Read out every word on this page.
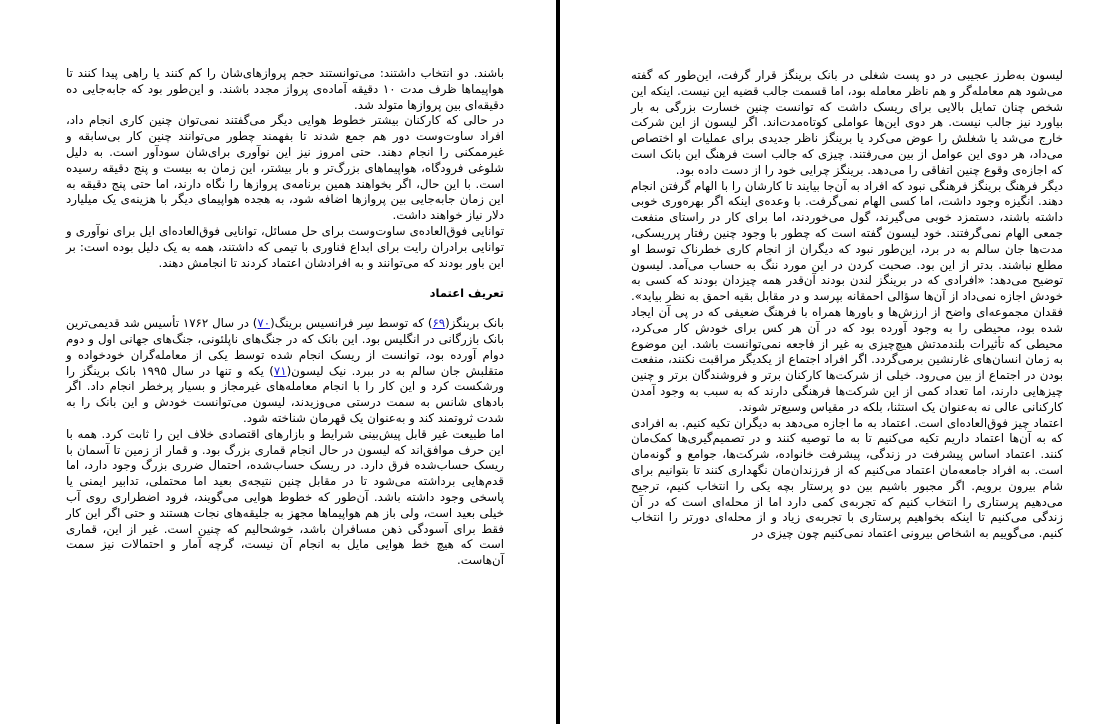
باشند. دو انتخاب داشتند: می‌توانستند حجم پروازهای‌شان را کم کنند یا راهی پیدا کنند تا هواپیماها ظرف مدت ۱۰ دقیقه آماده‌ی پرواز مجدد باشند. و این‌طور بود که جابه‌جایی ده دقیقه‌ای بین پروازها متولد شد.

در حالی که کارکنان بیشتر خطوط هوایی دیگر می‌گفتند نمی‌توان چنین کاری انجام داد، افراد ساوت‌وست دور هم جمع شدند تا بفهمند چطور می‌توانند چنین کار بی‌سابقه و غیرممکنی را انجام دهند. حتی امروز نیز این نوآوری برای‌شان سودآور است. به دلیل شلوغی فرودگاه، هواپیماهای بزرگ‌تر و بار بیشتر، این زمان به بیست و پنج دقیقه رسیده است. با این حال، اگر بخواهند همین برنامه‌ی پروازها را نگاه دارند، اما حتی پنج دقیقه به این زمان جابه‌جایی بین پروازها اضافه شود، به هجده هواپیمای دیگر با هزینه‌ی یک میلیارد دلار نیاز خواهند داشت.

توانایی فوق‌العاده‌ی ساوت‌وست برای حل مسائل، توانایی فوق‌العاده‌ای ایل برای نوآوری و توانایی برادران رایت برای ابداع فناوری با تیمی که داشتند، همه به یک دلیل بوده است: بر این باور بودند که می‌توانند و به افرادشان اعتماد کردند تا انجامش دهند.

تعریف اعتماد

بانک برینگز(۶۹) که توسط سِر فرانسیس برینگ(۷۰) در سال ۱۷۶۲ تأسیس شد قدیمی‌ترین بانک بازرگانی در انگلیس بود. این بانک که در جنگ‌های ناپلئونی، جنگ‌های جهانی اول و دوم دوام آورده بود، توانست از ریسک انجام شده توسط یکی از معامله‌گران خودخواده و متقلبش جان سالم به در ببرد. نیک لیسون(۷۱) یکه و تنها در سال ۱۹۹۵ بانک برینگز را ورشکست کرد و این کار را با انجام معامله‌های غیرمجاز و بسیار پرخطر انجام داد. اگر بادهای شانس به سمت درستی می‌وزیدند، لیسون می‌توانست خودش و این بانک را به شدت ثروتمند کند و به‌عنوان یک قهرمان شناخته شود.

اما طبیعت غیر قابل پیش‌بینی شرایط و بازارهای اقتصادی خلاف این را ثابت کرد. همه با این حرف موافق‌اند که لیسون در حال انجام قماری بزرگ بود. و قمار از زمین تا آسمان با ریسک حساب‌شده فرق دارد. در ریسک حساب‌شده، احتمال ضرری بزرگ وجود دارد، اما قدم‌هایی برداشته می‌شود تا در مقابل چنین نتیجه‌ی بعید اما محتملی، تدابیر ایمنی یا پاسخی وجود داشته باشد. آن‌طور که خطوط هوایی می‌گویند، فرود اضطراری روی آب خیلی بعید است، ولی باز هم هواپیماها مجهز به جلیقه‌های نجات هستند و حتی اگر این کار فقط برای آسودگی ذهن مسافران باشد، خوشحالیم که چنین است. غیر از این، قماری است که هیچ خط هوایی مایل به انجام آن نیست، گرچه آمار و احتمالات نیز سمت آن‌هاست.

لیسون به‌طرز عجیبی در دو پست شغلی در بانک برینگز قرار گرفت، این‌طور که گفته می‌شود هم معامله‌گر و هم ناظر معامله بود، اما قسمت جالب قضیه این نیست. اینکه این شخص چنان تمایل بالایی برای ریسک داشت که توانست چنین خسارت بزرگی به بار بیاورد نیز جالب نیست. هر دوی این‌ها عواملی کوتاه‌مدت‌اند. اگر لیسون از این شرکت خارج می‌شد یا شغلش را عوض می‌کرد یا برینگز ناظر جدیدی برای عملیات او اختصاص می‌داد، هر دوی این عوامل از بین می‌رفتند. چیزی که جالب است فرهنگ این بانک است که اجازه‌ی وقوع چنین اتفاقی را می‌دهد. برینگز چرایی خود را از دست داده بود.

دیگر فرهنگ برینگز فرهنگی نبود که افراد به آن‌جا بیایند تا کارشان را با الهام گرفتن انجام دهند. انگیزه وجود داشت، اما کسی الهام نمی‌گرفت. با وعده‌ی اینکه اگر بهره‌وری خوبی داشته باشند، دستمزد خوبی می‌گیرند، گول می‌خوردند، اما برای کار در راستای منفعت جمعی الهام نمی‌گرفتند. خود لیسون گفته است که چطور با وجود چنین رفتار پرریسکی، مدت‌ها جان سالم به در برد، این‌طور نبود که دیگران از انجام کاری خطرناک توسط او مطلع نباشند. بدتر از این بود. صحبت کردن در این مورد ننگ به حساب می‌آمد. لیسون توضیح می‌دهد: «افرادی که در برینگز لندن بودند آن‌قدر همه چیزدان بودند که کسی به خودش اجازه نمی‌داد از آن‌ها سؤالی احمقانه بپرسد و در مقابل بقیه احمق به نظر بیاید». فقدان مجموعه‌ای واضح از ارزش‌ها و باورها همراه با فرهنگ ضعیفی که در پی آن ایجاد شده بود، محیطی را به وجود آورده بود که در آن هر کس برای خودش کار می‌کرد، محیطی که تأثیرات بلندمدتش هیچ‌چیزی به غیر از فاجعه نمی‌توانست باشد. این موضوع به زمان انسان‌های غارنشین برمی‌گردد. اگر افراد اجتماع از یکدیگر مراقبت نکنند، منفعت بودن در اجتماع از بین می‌رود. خیلی از شرکت‌ها کارکنان برتر و فروشندگان برتر و چنین چیزهایی دارند، اما تعداد کمی از این شرکت‌ها فرهنگی دارند که به سبب به وجود آمدن کارکنانی عالی نه به‌عنوان یک استثنا، بلکه در مقیاس وسیع‌تر شوند.

اعتماد چیز فوق‌العاده‌ای است. اعتماد به ما اجازه می‌دهد به دیگران تکیه کنیم. به افرادی که به آن‌ها اعتماد داریم تکیه می‌کنیم تا به ما توصیه کنند و در تصمیم‌گیری‌ها کمک‌مان کنند. اعتماد اساس پیشرفت در زندگی، پیشرفت خانواده، شرکت‌ها، جوامع و گونه‌مان است. به افراد جامعه‌مان اعتماد می‌کنیم که از فرزندان‌مان نگهداری کنند تا بتوانیم برای شام بیرون برویم. اگر مجبور باشیم بین دو پرستار بچه یکی را انتخاب کنیم، ترجیح می‌دهیم پرستاری را انتخاب کنیم که تجربه‌ی کمی دارد اما از محله‌ای است که در آن زندگی می‌کنیم تا اینکه بخواهیم پرستاری با تجربه‌ی زیاد و از محله‌ای دورتر را انتخاب کنیم. می‌گوییم به اشخاص بیرونی اعتماد نمی‌کنیم چون چیزی در
